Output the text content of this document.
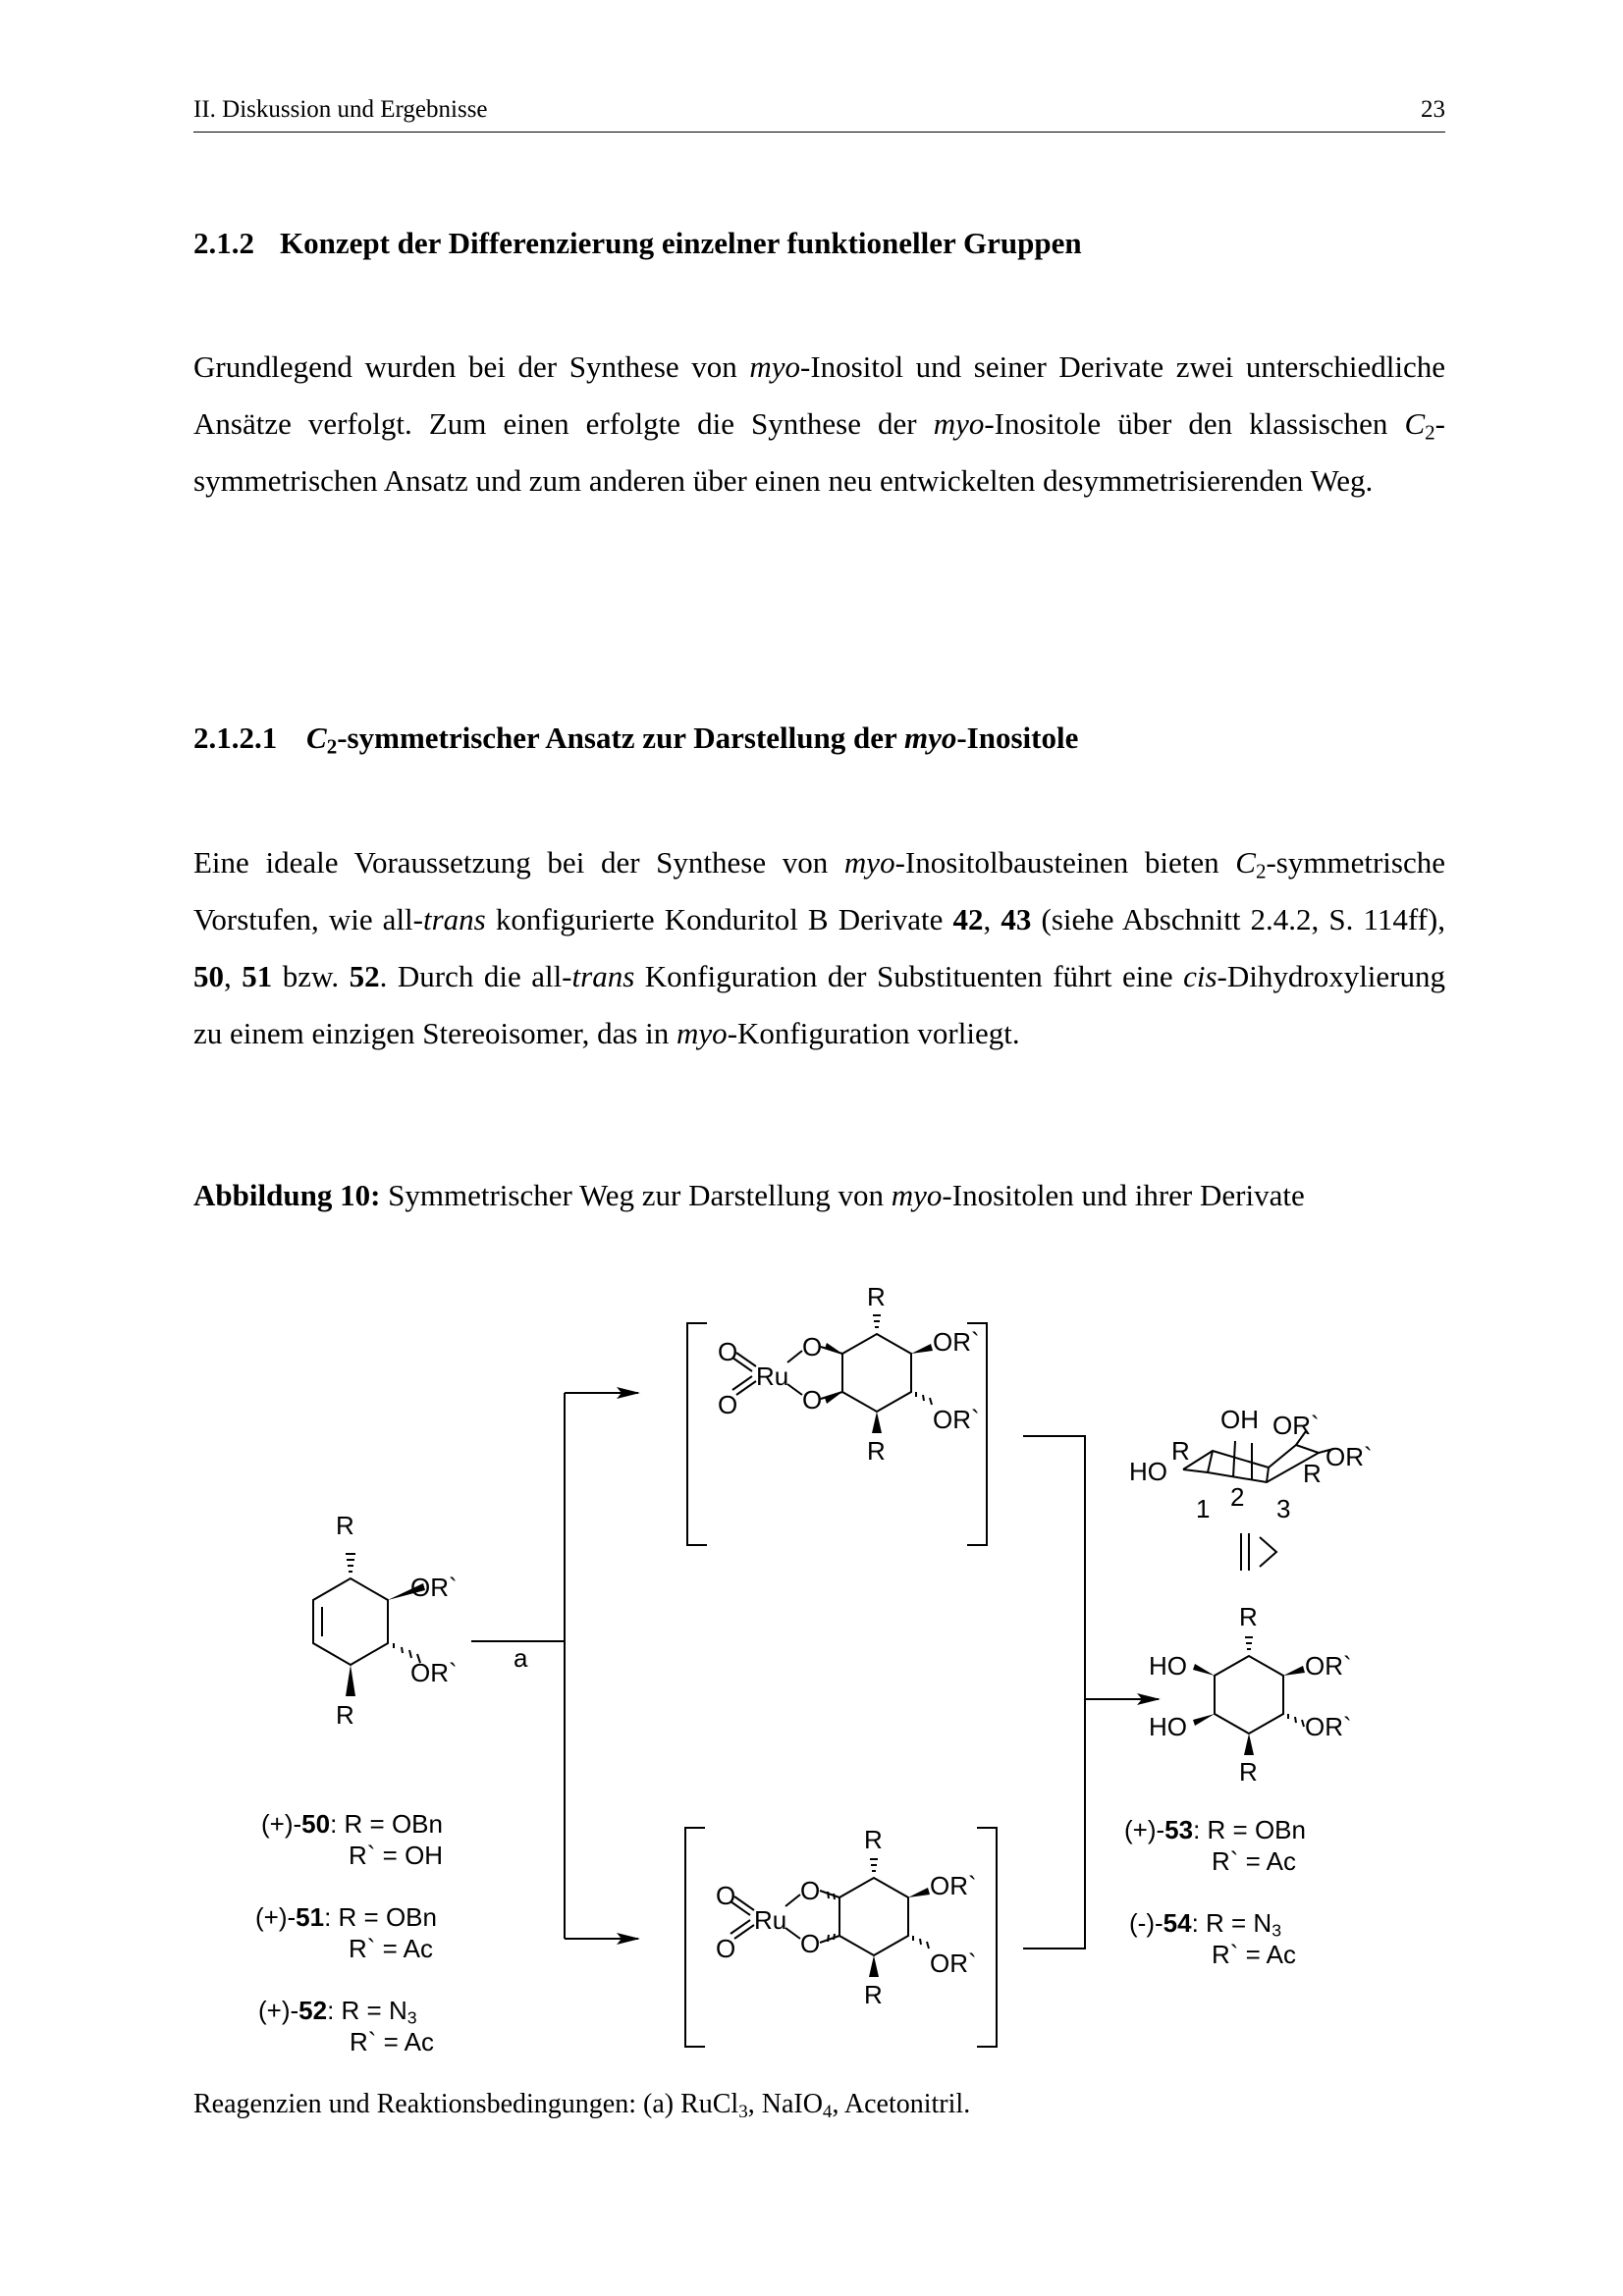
II. Diskussion und Ergebnisse	23
2.1.2 Konzept der Differenzierung einzelner funktioneller Gruppen
Grundlegend wurden bei der Synthese von myo-Inositol und seiner Derivate zwei unterschiedliche Ansätze verfolgt. Zum einen erfolgte die Synthese der myo-Inositole über den klassischen $C_2$-symmetrischen Ansatz und zum anderen über einen neu entwickelten desymmetrisierenden Weg.
2.1.2.1 $C_2$-symmetrischer Ansatz zur Darstellung der myo-Inositole
Eine ideale Voraussetzung bei der Synthese von myo-Inositolbausteinen bieten $C_2$-symmetrische Vorstufen, wie all-trans konfigurierte Konduritol B Derivate 42, 43 (siehe Abschnitt 2.4.2, S. 114ff), 50, 51 bzw. 52. Durch die all-trans Konfiguration der Substituenten führt eine cis-Dihydroxylierung zu einem einzigen Stereoisomer, das in myo-Konfiguration vorliegt.
Abbildung 10: Symmetrischer Weg zur Darstellung von myo-Inositolen und ihrer Derivate
R
R
OR`
OR` a
R
R
OR`
OR`
O
O
O
O
Ru
R
R
OR`
OR`
O
O
O
O
Ru
HO
R
OH OR`
OR`
R
1 2 3
R
R
HO
HO
OR`
OR`
(+)-50: R = OBn
R` = OH
(+)-51: R = OBn
R` = Ac
(+)-52: $R = N_3$
R` = Ac
(+)-53: R = OBn
R` = Ac
(-)-54: $R = N_3$
R` = Ac
Reagenzien und Reaktionsbedingungen: (a) RuCl$_3$, NaIO$_4$, Acetonitril.
